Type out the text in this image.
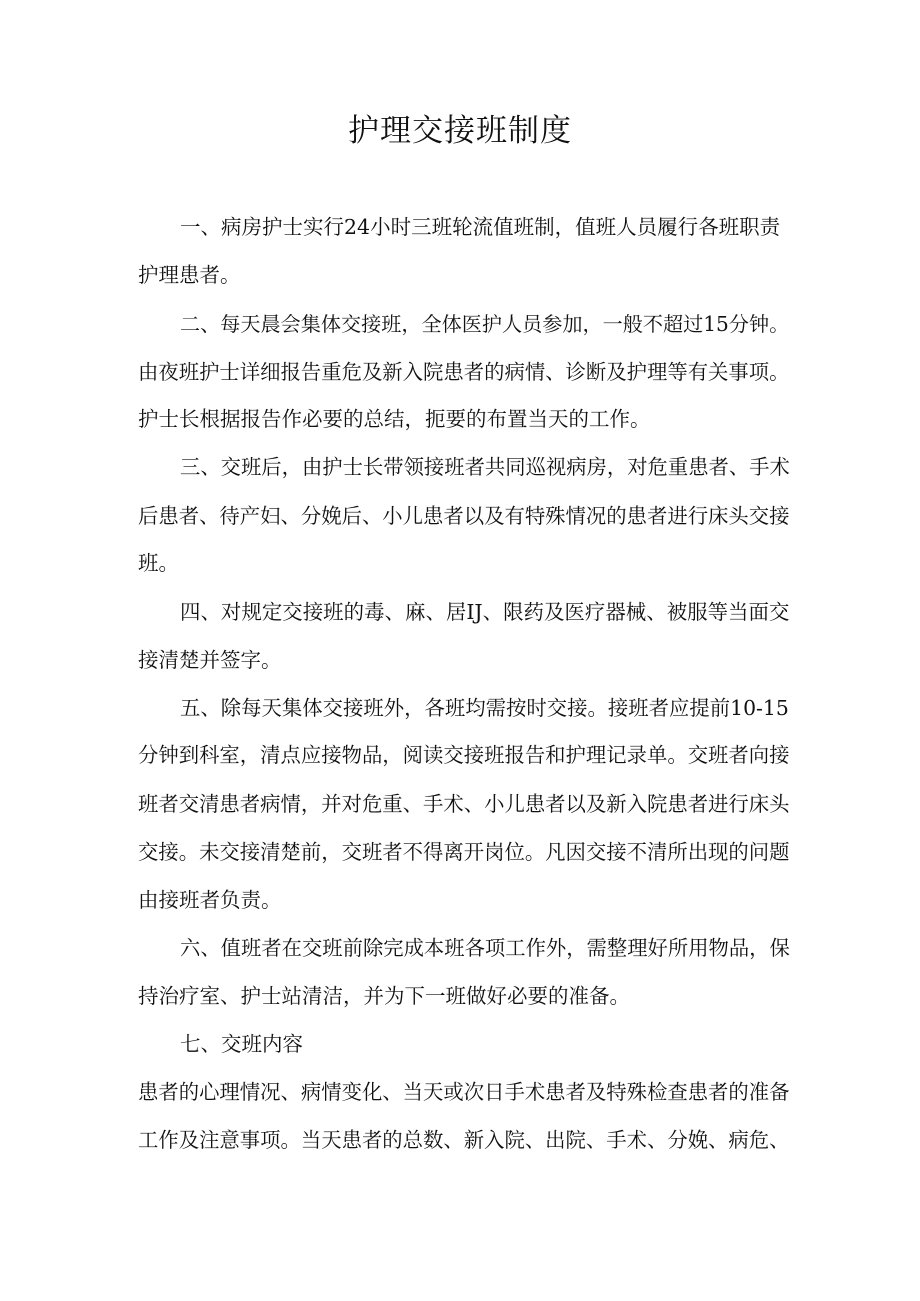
护理交接班制度

一、病房护士实行24小时三班轮流值班制，值班人员履行各班职责

护理患者。

二、每天晨会集体交接班，全体医护人员参加，一般不超过15分钟。

由夜班护士详细报告重危及新入院患者的病情、诊断及护理等有关事项。

护士长根据报告作必要的总结，扼要的布置当天的工作。

三、交班后，由护士长带领接班者共同巡视病房，对危重患者、手术

后患者、待产妇、分娩后、小儿患者以及有特殊情况的患者进行床头交接

班。

四、对规定交接班的毒、麻、居IJ、限药及医疗器械、被服等当面交

接清楚并签字。

五、除每天集体交接班外，各班均需按时交接。接班者应提前10-15

分钟到科室，清点应接物品，阅读交接班报告和护理记录单。交班者向接

班者交清患者病情，并对危重、手术、小儿患者以及新入院患者进行床头

交接。未交接清楚前，交班者不得离开岗位。凡因交接不清所出现的问题

由接班者负责。

六、值班者在交班前除完成本班各项工作外，需整理好所用物品，保

持治疗室、护士站清洁，并为下一班做好必要的准备。

七、交班内容

患者的心理情况、病情变化、当天或次日手术患者及特殊检查患者的准备

工作及注意事项。当天患者的总数、新入院、出院、手术、分娩、病危、
